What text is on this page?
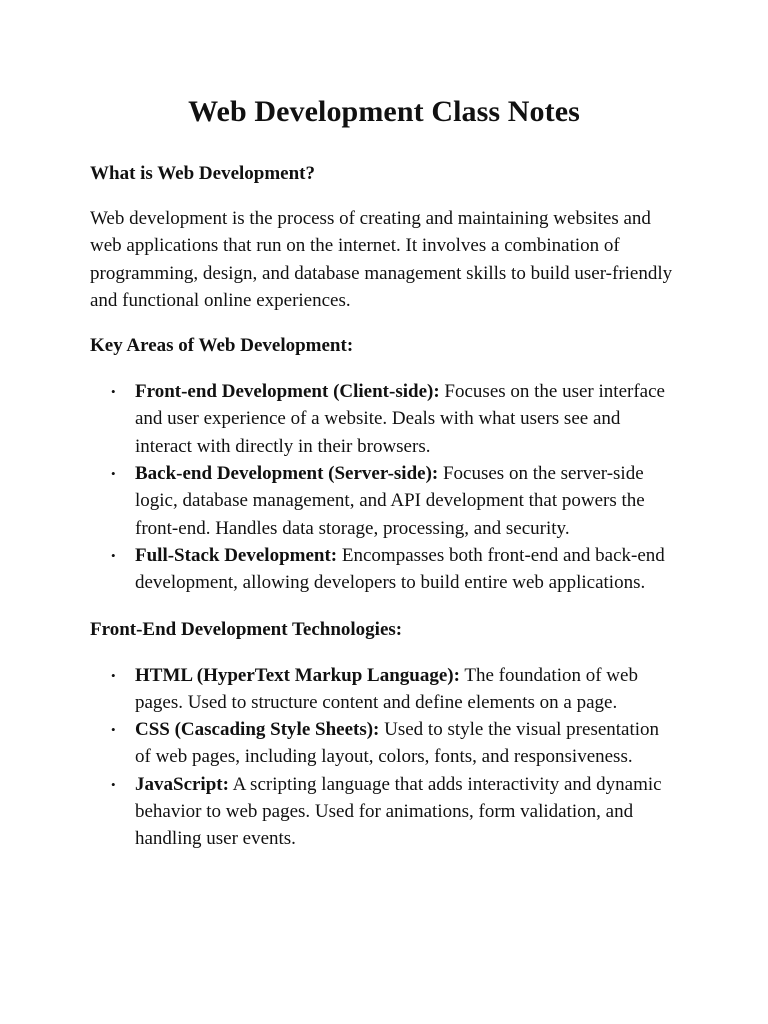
Web Development Class Notes
What is Web Development?

Web development is the process of creating and maintaining websites and web applications that run on the internet. It involves a combination of programming, design, and database management skills to build user-friendly and functional online experiences.

Key Areas of Web Development:
• Front-end Development (Client-side): Focuses on the user interface and user experience of a website. Deals with what users see and interact with directly in their browsers.
• Back-end Development (Server-side): Focuses on the server-side logic, database management, and API development that powers the front-end. Handles data storage, processing, and security.
• Full-Stack Development: Encompasses both front-end and back-end development, allowing developers to build entire web applications.
Front-End Development Technologies:
• HTML (HyperText Markup Language): The foundation of web pages. Used to structure content and define elements on a page.
• CSS (Cascading Style Sheets): Used to style the visual presentation of web pages, including layout, colors, fonts, and responsiveness.
• JavaScript: A scripting language that adds interactivity and dynamic behavior to web pages. Used for animations, form validation, and handling user events.
